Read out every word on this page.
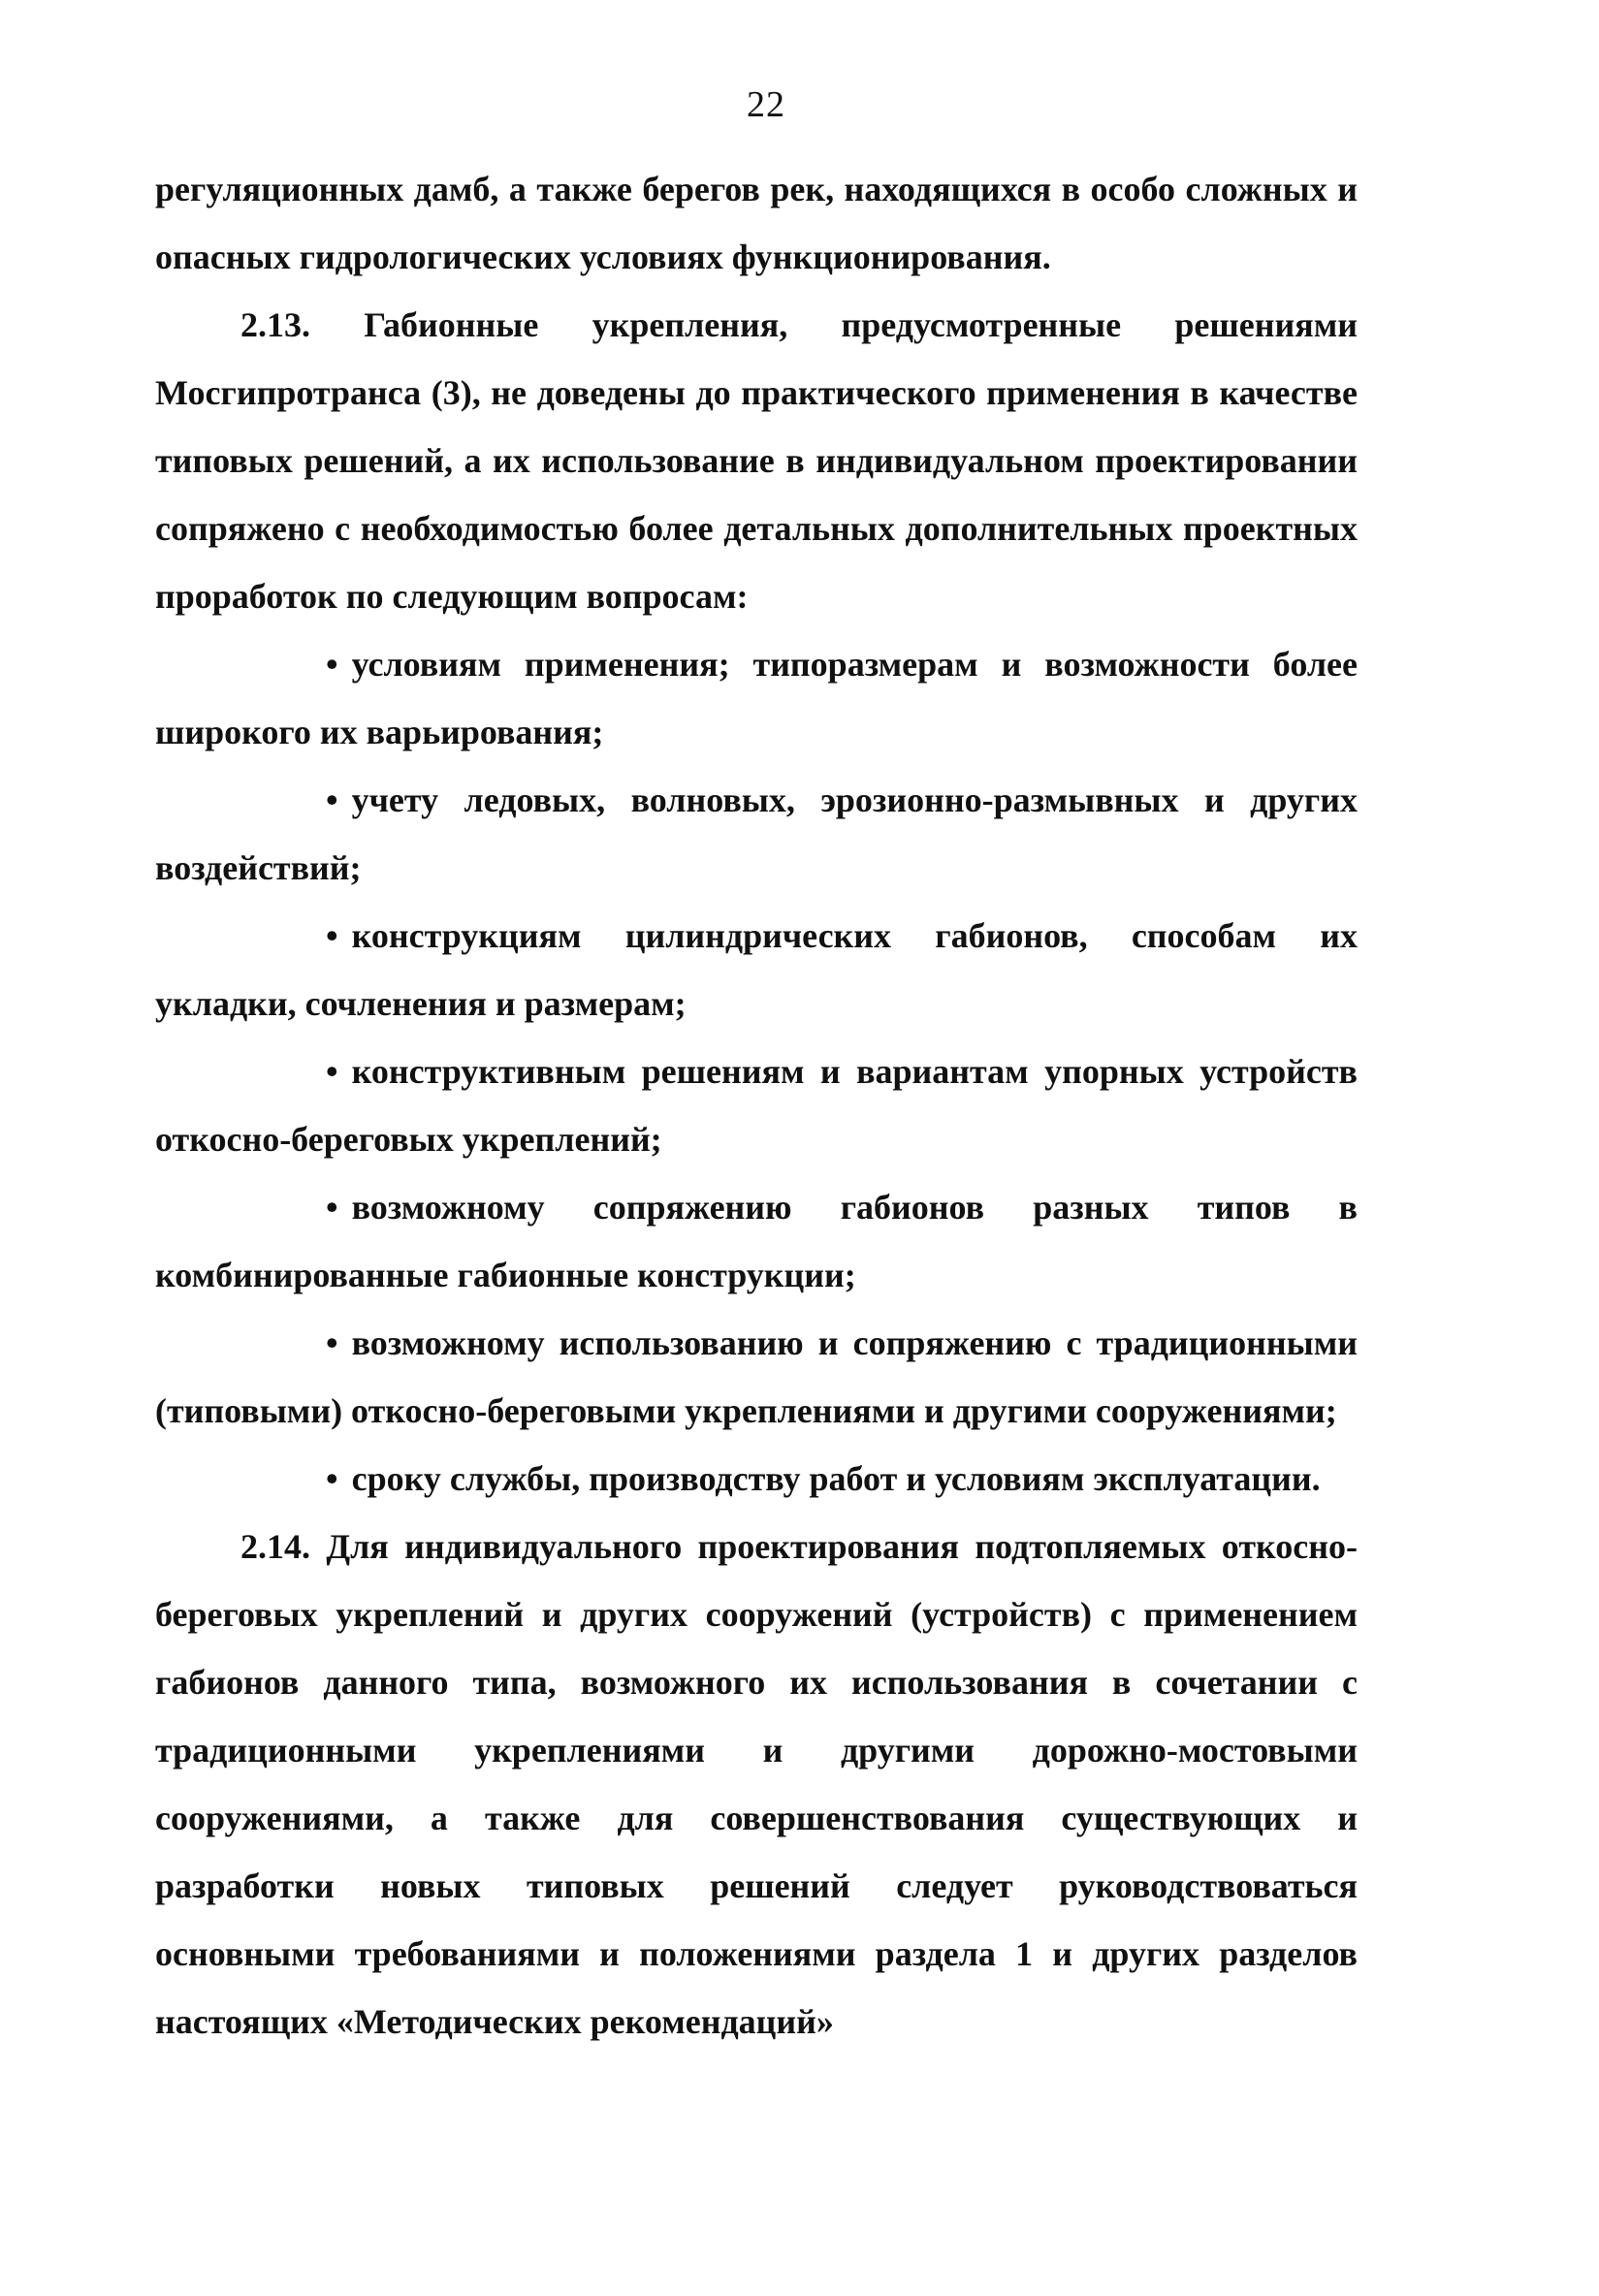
22

регуляционных дамб, а также берегов рек, находящихся в особо сложных и опасных гидрологических условиях функционирования.

2.13. Габионные укрепления, предусмотренные решениями Мосгипротранса (3), не доведены до практического применения в качестве типовых решений, а их использование в индивидуальном проектировании сопряжено с необходимостью более детальных дополнительных проектных проработок по следующим вопросам:

• условиям применения; типоразмерам и возможности более широкого их варьирования;

• учету ледовых, волновых, эрозионно-размывных и других воздействий;

• конструкциям цилиндрических габионов, способам их укладки, сочленения и размерам;

• конструктивным решениям и вариантам упорных устройств откосно-береговых укреплений;

• возможному сопряжению габионов разных типов в комбинированные габионные конструкции;

• возможному использованию и сопряжению с традиционными (типовыми) откосно-береговыми укреплениями и другими сооружениями;

• сроку службы, производству работ и условиям эксплуатации.

2.14. Для индивидуального проектирования подтопляемых откосно-береговых укреплений и других сооружений (устройств) с применением габионов данного типа, возможного их использования в сочетании с традиционными укреплениями и другими дорожно-мостовыми сооружениями, а также для совершенствования существующих и разработки новых типовых решений следует руководствоваться основными требованиями и положениями раздела 1 и других разделов настоящих «Методических рекомендаций»
